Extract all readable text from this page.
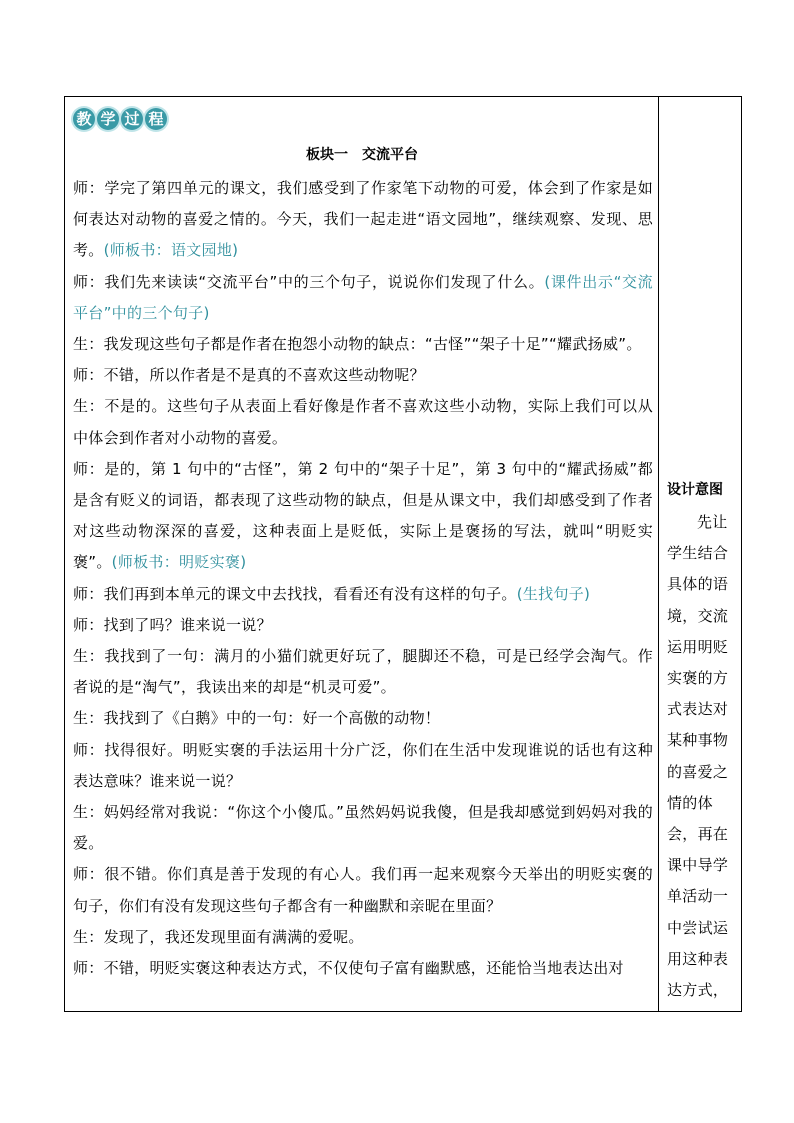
教 学 过 程
板块一　交流平台

师：学完了第四单元的课文，我们感受到了作家笔下动物的可爱，体会到了作家是如何表达对动物的喜爱之情的。今天，我们一起走进“语文园地”，继续观察、发现、思考。(师板书：语文园地)

师：我们先来读读“交流平台”中的三个句子，说说你们发现了什么。(课件出示“交流平台”中的三个句子)

生：我发现这些句子都是作者在抱怨小动物的缺点：“古怪”“架子十足”“耀武扬威”。

师：不错，所以作者是不是真的不喜欢这些动物呢？

生：不是的。这些句子从表面上看好像是作者不喜欢这些小动物，实际上我们可以从中体会到作者对小动物的喜爱。

师：是的，第 1 句中的“古怪”，第 2 句中的“架子十足”，第 3 句中的“耀武扬威”都是含有贬义的词语，都表现了这些动物的缺点，但是从课文中，我们却感受到了作者对这些动物深深的喜爱，这种表面上是贬低，实际上是褒扬的写法，就叫“明贬实褒”。(师板书：明贬实褒)

师：我们再到本单元的课文中去找找，看看还有没有这样的句子。(生找句子)

师：找到了吗？谁来说一说？

生：我找到了一句：满月的小猫们就更好玩了，腿脚还不稳，可是已经学会淘气。作者说的是“淘气”，我读出来的却是“机灵可爱”。

生：我找到了《白鹅》中的一句：好一个高傲的动物！

师：找得很好。明贬实褒的手法运用十分广泛，你们在生活中发现谁说的话也有这种表达意味？谁来说一说？

生：妈妈经常对我说：“你这个小傻瓜。”虽然妈妈说我傻，但是我却感觉到妈妈对我的爱。

师：很不错。你们真是善于发现的有心人。我们再一起来观察今天举出的明贬实褒的句子，你们有没有发现这些句子都含有一种幽默和亲昵在里面？

生：发现了，我还发现里面有满满的爱呢。

师：不错，明贬实褒这种表达方式，不仅使句子富有幽默感，还能恰当地表达出对

设计意图
先让学生结合具体的语境，交流运用明贬实褒的方式表达对某种事物的喜爱之情的体会，再在课中导学单活动一中尝试运用这种表达方式，
